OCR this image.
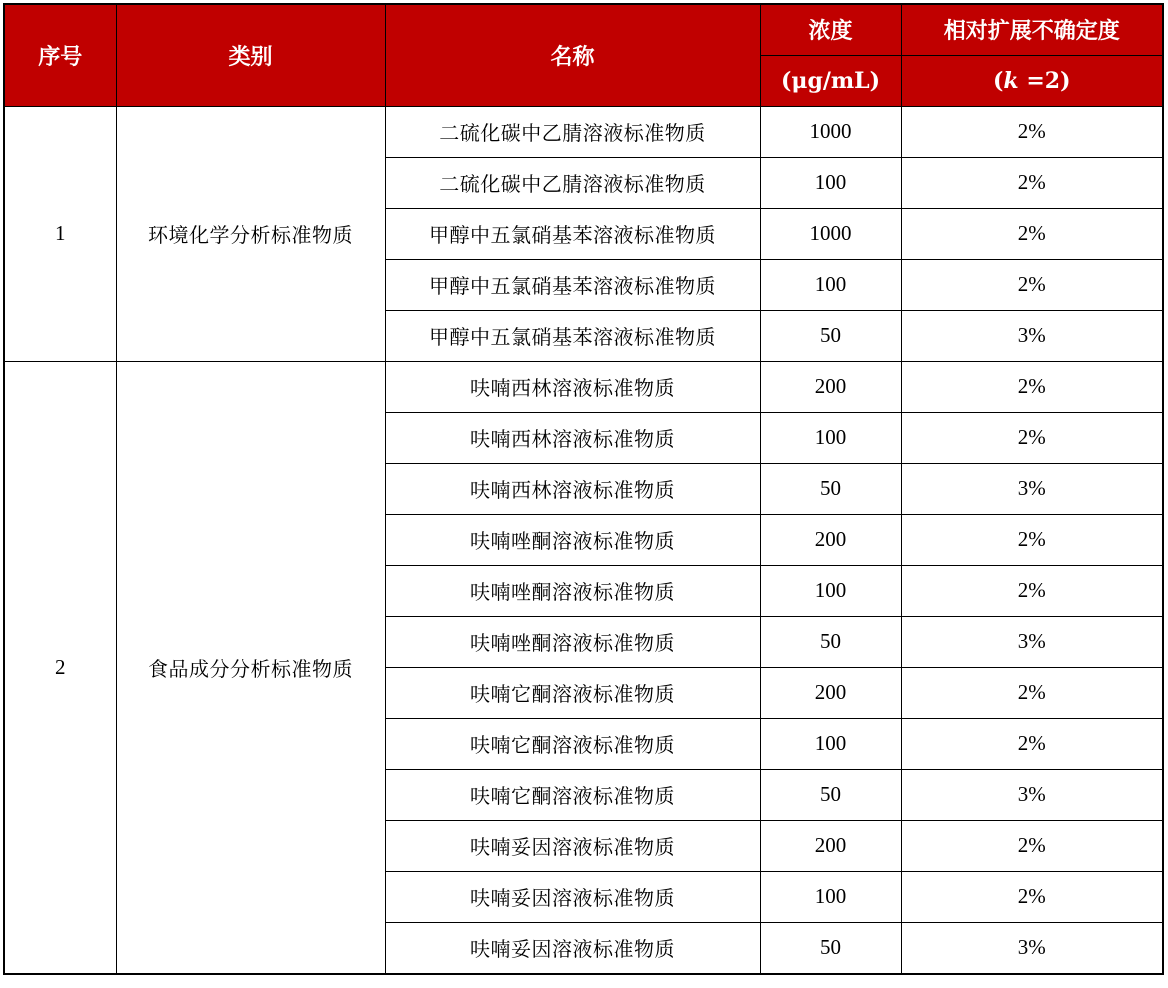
序号	类别	名称	浓度	相对扩展不确定度
			(μg/mL)	(k =2)
1	环境化学分析标准物质	二硫化碳中乙腈溶液标准物质	1000	2%
		二硫化碳中乙腈溶液标准物质	100	2%
		甲醇中五氯硝基苯溶液标准物质	1000	2%
		甲醇中五氯硝基苯溶液标准物质	100	2%
		甲醇中五氯硝基苯溶液标准物质	50	3%
2	食品成分分析标准物质	呋喃西林溶液标准物质	200	2%
		呋喃西林溶液标准物质	100	2%
		呋喃西林溶液标准物质	50	3%
		呋喃唑酮溶液标准物质	200	2%
		呋喃唑酮溶液标准物质	100	2%
		呋喃唑酮溶液标准物质	50	3%
		呋喃它酮溶液标准物质	200	2%
		呋喃它酮溶液标准物质	100	2%
		呋喃它酮溶液标准物质	50	3%
		呋喃妥因溶液标准物质	200	2%
		呋喃妥因溶液标准物质	100	2%
		呋喃妥因溶液标准物质	50	3%
